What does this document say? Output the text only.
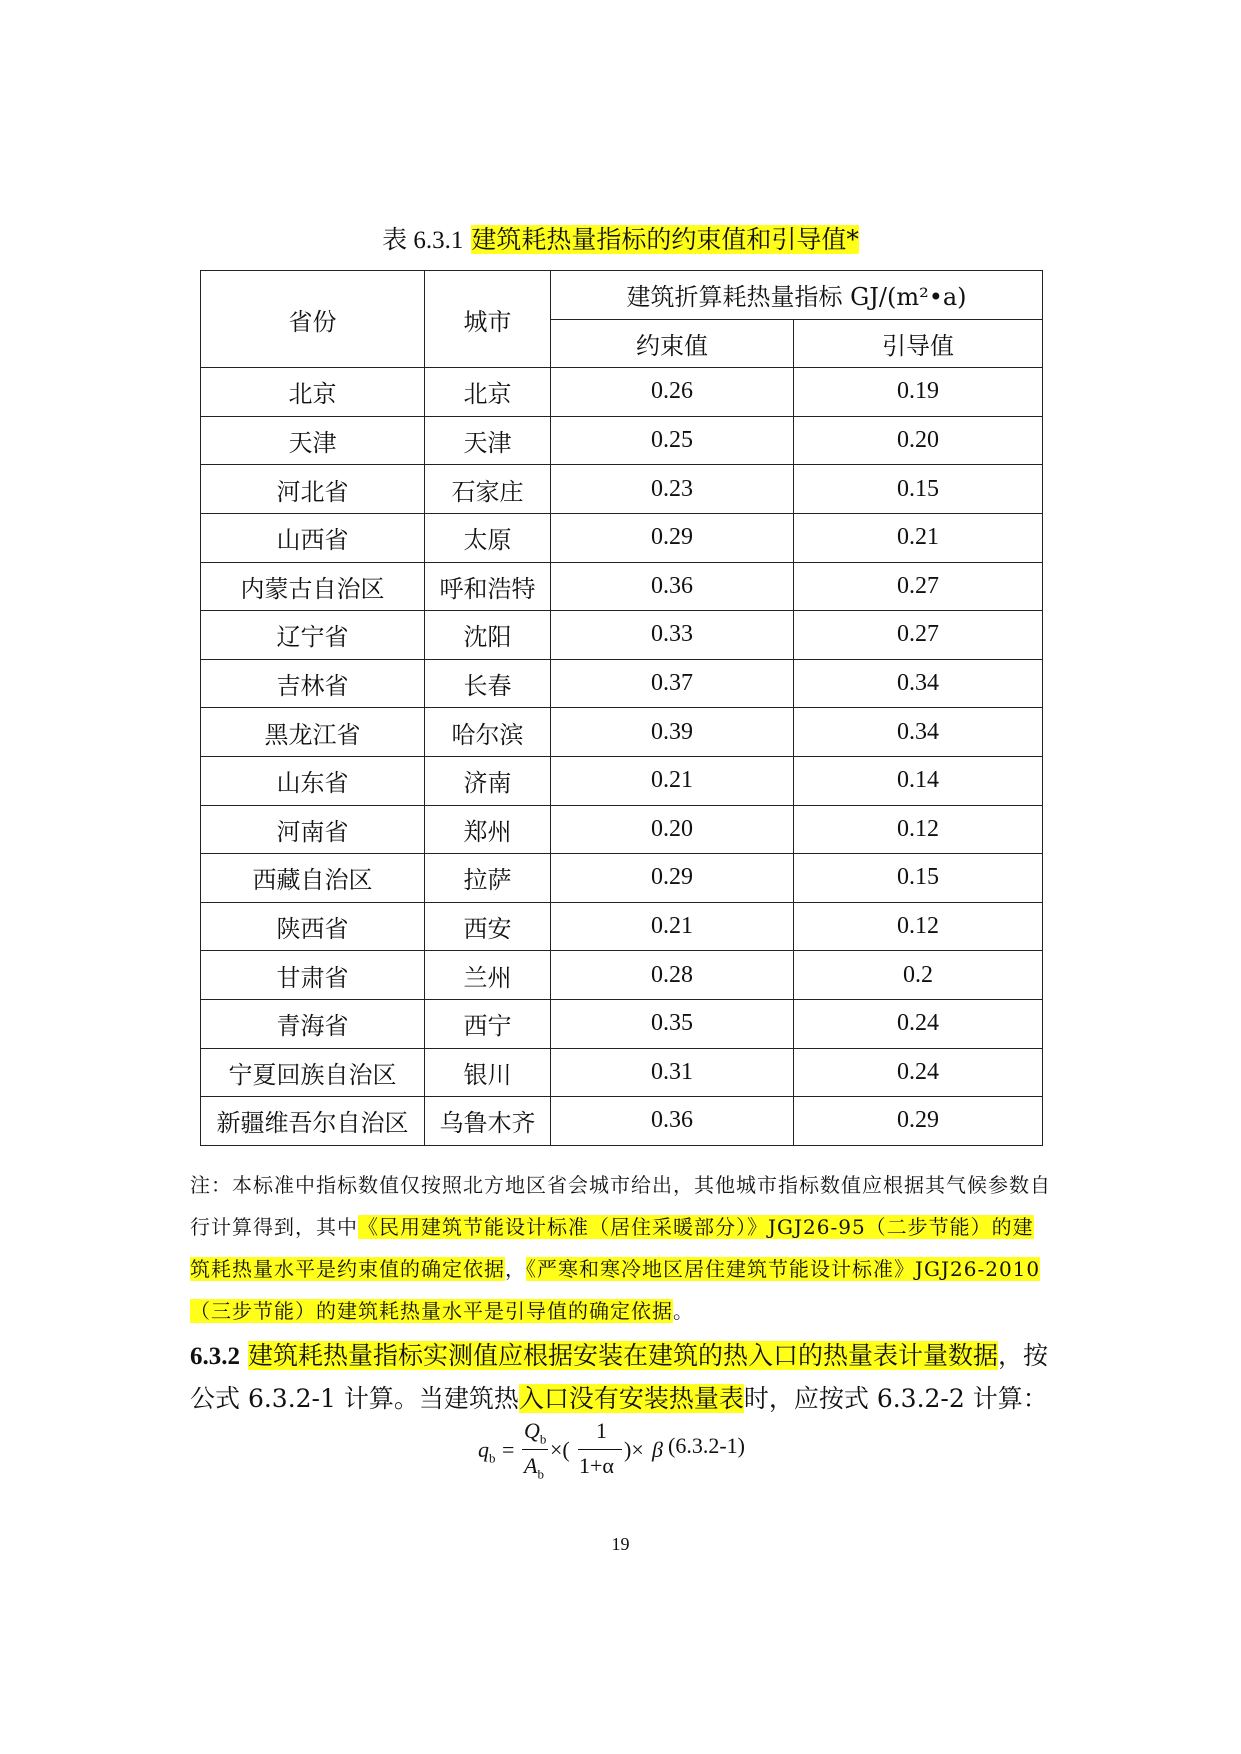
表 6.3.1 建筑耗热量指标的约束值和引导值*
省份	城市	建筑折算耗热量指标 GJ/(m²•a)	
		约束值	引导值
北京	北京	0.26	0.19
天津	天津	0.25	0.20
河北省	石家庄	0.23	0.15
山西省	太原	0.29	0.21
内蒙古自治区	呼和浩特	0.36	0.27
辽宁省	沈阳	0.33	0.27
吉林省	长春	0.37	0.34
黑龙江省	哈尔滨	0.39	0.34
山东省	济南	0.21	0.14
河南省	郑州	0.20	0.12
西藏自治区	拉萨	0.29	0.15
陕西省	西安	0.21	0.12
甘肃省	兰州	0.28	0.2
青海省	西宁	0.35	0.24
宁夏回族自治区	银川	0.31	0.24
新疆维吾尔自治区	乌鲁木齐	0.36	0.29
注：本标准中指标数值仅按照北方地区省会城市给出，其他城市指标数值应根据其气候参数自行计算得到，其中《民用建筑节能设计标准（居住采暖部分）》JGJ26-95（二步节能）的建筑耗热量水平是约束值的确定依据，《严寒和寒冷地区居住建筑节能设计标准》JGJ26-2010（三步节能）的建筑耗热量水平是引导值的确定依据。
6.3.2 建筑耗热量指标实测值应根据安装在建筑的热入口的热量表计量数据，按公式 6.3.2-1 计算。当建筑热入口没有安装热量表时，应按式 6.3.2-2 计算：
$q_b$ =
$Q_b$
$A_b$
×(
1
1+α
)× β (6.3.2-1)
19
